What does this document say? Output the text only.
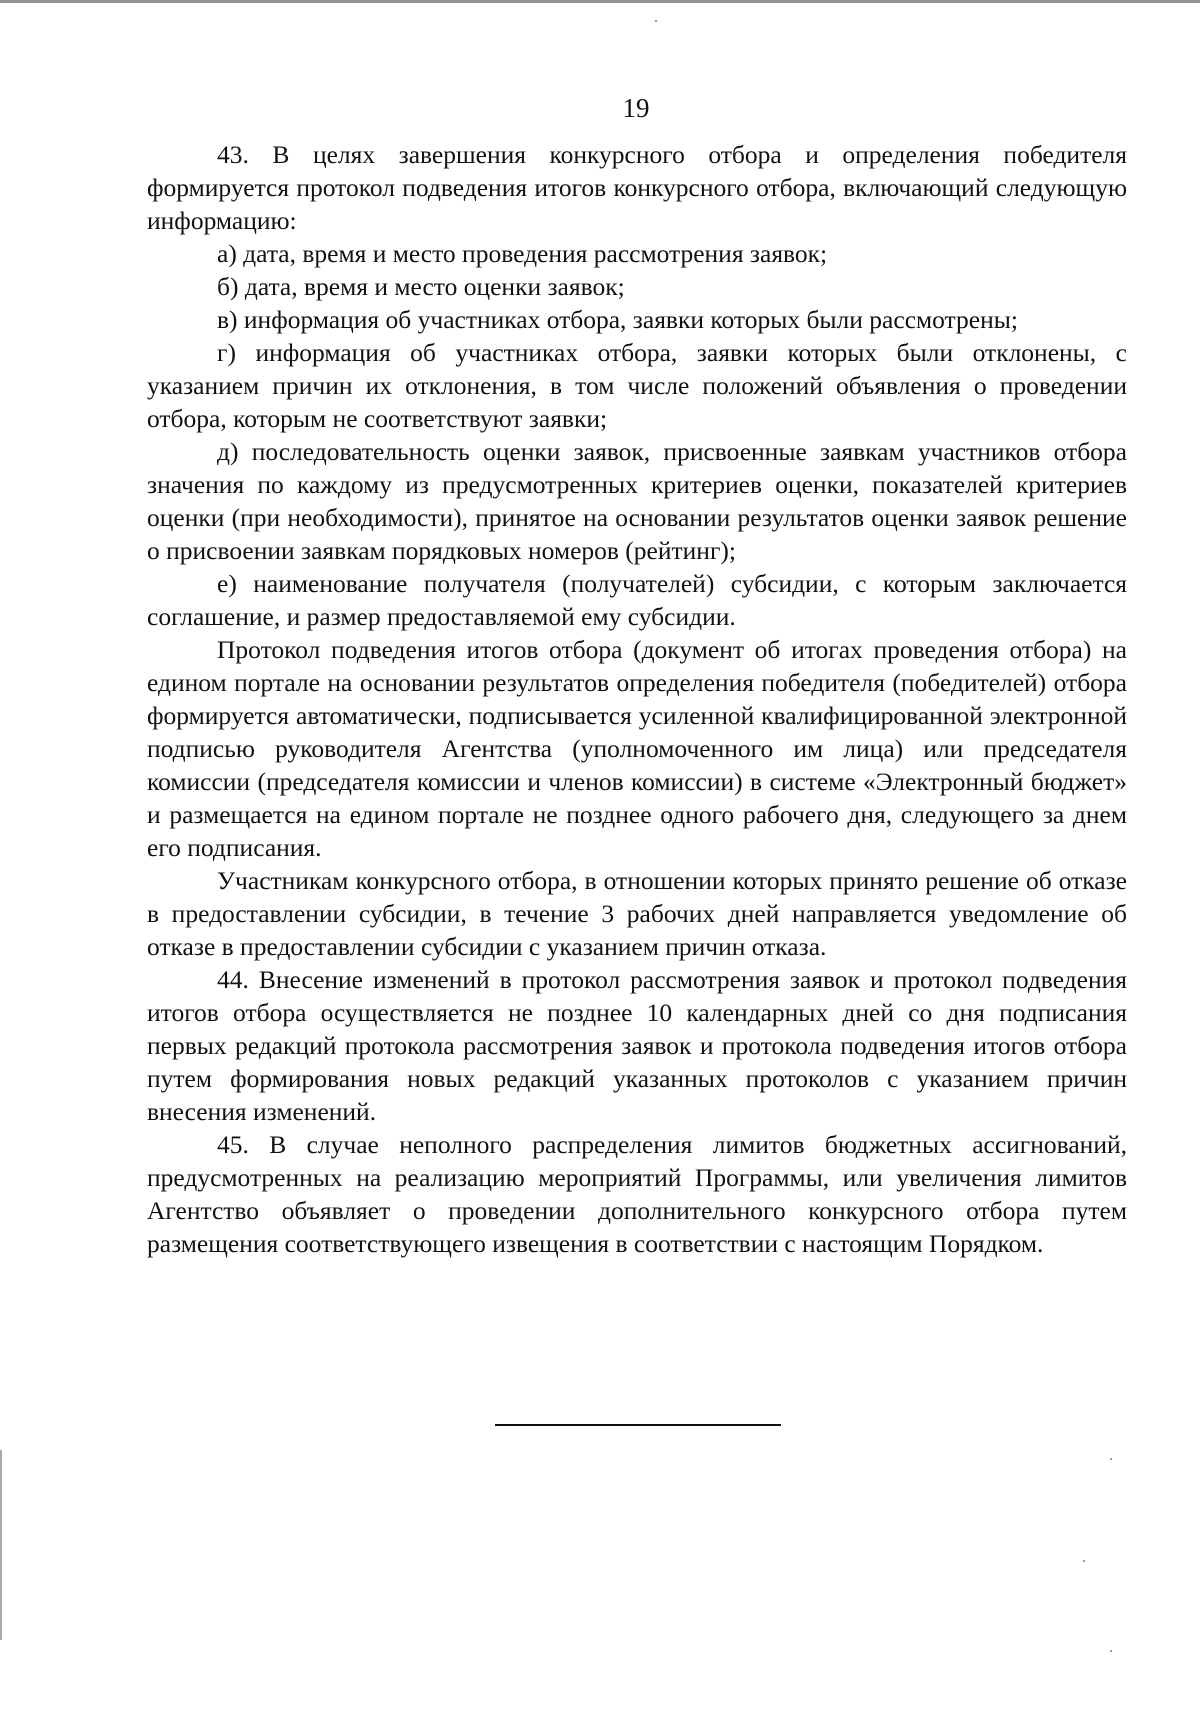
19

43. В целях завершения конкурсного отбора и определения победителя формируется протокол подведения итогов конкурсного отбора, включающий следующую информацию:

а) дата, время и место проведения рассмотрения заявок;

б) дата, время и место оценки заявок;

в) информация об участниках отбора, заявки которых были рассмотрены;

г) информация об участниках отбора, заявки которых были отклонены, с указанием причин их отклонения, в том числе положений объявления о проведении отбора, которым не соответствуют заявки;

д) последовательность оценки заявок, присвоенные заявкам участников отбора значения по каждому из предусмотренных критериев оценки, показателей критериев оценки (при необходимости), принятое на основании результатов оценки заявок решение о присвоении заявкам порядковых номеров (рейтинг);

е) наименование получателя (получателей) субсидии, с которым заключается соглашение, и размер предоставляемой ему субсидии.

Протокол подведения итогов отбора (документ об итогах проведения отбора) на едином портале на основании результатов определения победителя (победителей) отбора формируется автоматически, подписывается усиленной квалифицированной электронной подписью руководителя Агентства (уполномоченного им лица) или председателя комиссии (председателя комиссии и членов комиссии) в системе «Электронный бюджет» и размещается на едином портале не позднее одного рабочего дня, следующего за днем его подписания.

Участникам конкурсного отбора, в отношении которых принято решение об отказе в предоставлении субсидии, в течение 3 рабочих дней направляется уведомление об отказе в предоставлении субсидии с указанием причин отказа.

44. Внесение изменений в протокол рассмотрения заявок и протокол подведения итогов отбора осуществляется не позднее 10 календарных дней со дня подписания первых редакций протокола рассмотрения заявок и протокола подведения итогов отбора путем формирования новых редакций указанных протоколов с указанием причин внесения изменений.

45. В случае неполного распределения лимитов бюджетных ассигнований, предусмотренных на реализацию мероприятий Программы, или увеличения лимитов Агентство объявляет о проведении дополнительного конкурсного отбора путем размещения соответствующего извещения в соответствии с настоящим Порядком.
